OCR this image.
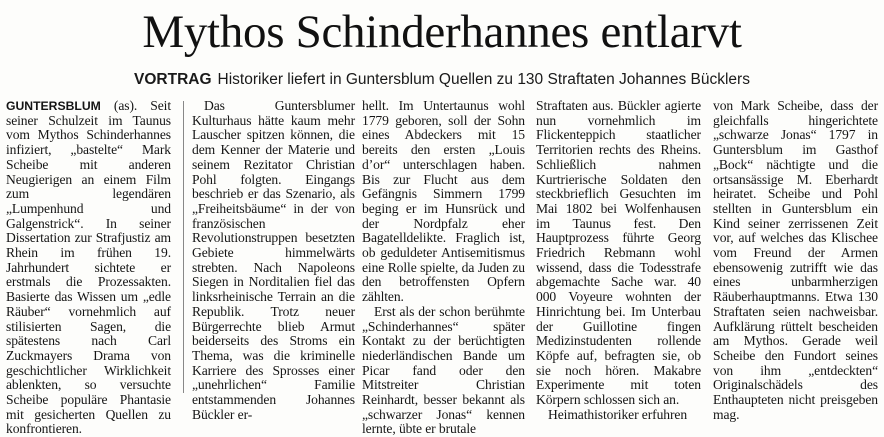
Mythos Schinderhannes entlarvt
VORTRAG Historiker liefert in Guntersblum Quellen zu 130 Straftaten Johannes Bücklers

GUNTERSBLUM (as). Seit seiner Schulzeit im Taunus vom Mythos Schinderhannes infiziert, „bastelte“ Mark Scheibe mit anderen Neugierigen an einem Film zum legendären „Lumpenhund und Galgenstrick“. In seiner Dissertation zur Strafjustiz am Rhein im frühen 19. Jahrhundert sichtete er erstmals die Prozessakten. Basierte das Wissen um „edle Räuber“ vornehmlich auf stilisierten Sagen, die spätestens nach Carl Zuckmayers Drama von geschichtlicher Wirklichkeit ablenkten, so versuchte Scheibe populäre Phantasie mit gesicherten Quellen zu konfrontieren.

Das Guntersblumer Kulturhaus hätte kaum mehr Lauscher spitzen können, die dem Kenner der Materie und seinem Rezitator Christian Pohl folgten. Eingangs beschrieb er das Szenario, als „Freiheitsbäume“ in der von französischen Revolutionstruppen besetzten Gebiete himmelwärts strebten. Nach Napoleons Siegen in Norditalien fiel das linksrheinische Terrain an die Republik. Trotz neuer Bürgerrechte blieb Armut beiderseits des Stroms ein Thema, was die kriminelle Karriere des Sprosses einer „unehrlichen“ Familie entstammenden Johannes Bückler er-

hellt. Im Untertaunus wohl 1779 geboren, soll der Sohn eines Abdeckers mit 15 bereits den ersten „Louis d’or“ unterschlagen haben. Bis zur Flucht aus dem Gefängnis Simmern 1799 beging er im Hunsrück und der Nordpfalz eher Bagatelldelikte. Fraglich ist, ob geduldeter Antisemitismus eine Rolle spielte, da Juden zu den betroffensten Opfern zählten.

Erst als der schon berühmte „Schinderhannes“ später Kontakt zu der berüchtigten niederländischen Bande um Picar fand oder den Mitstreiter Christian Reinhardt, besser bekannt als „schwarzer Jonas“ kennen lernte, übte er brutale

Straftaten aus. Bückler agierte nun vornehmlich im Flickenteppich staatlicher Territorien rechts des Rheins. Schließlich nahmen Kurtrierische Soldaten den steckbrieflich Gesuchten im Mai 1802 bei Wolfenhausen im Taunus fest. Den Hauptprozess führte Georg Friedrich Rebmann wohl wissend, dass die Todesstrafe abgemachte Sache war. 40 000 Voyeure wohnten der Hinrichtung bei. Im Unterbau der Guillotine fingen Medizinstudenten rollende Köpfe auf, befragten sie, ob sie noch hören. Makabre Experimente mit toten Körpern schlossen sich an.

Heimathistoriker erfuhren

von Mark Scheibe, dass der gleichfalls hingerichtete „schwarze Jonas“ 1797 in Guntersblum im Gasthof „Bock“ nächtigte und die ortsansässige M. Eberhardt heiratet. Scheibe und Pohl stellten in Guntersblum ein Kind seiner zerrissenen Zeit vor, auf welches das Klischee vom Freund der Armen ebensowenig zutrifft wie das eines unbarmherzigen Räuberhauptmanns. Etwa 130 Straftaten seien nachweisbar. Aufklärung rüttelt bescheiden am Mythos. Gerade weil Scheibe den Fundort seines von ihm „entdeckten“ Originalschädels des Enthaupteten nicht preisgeben mag.
